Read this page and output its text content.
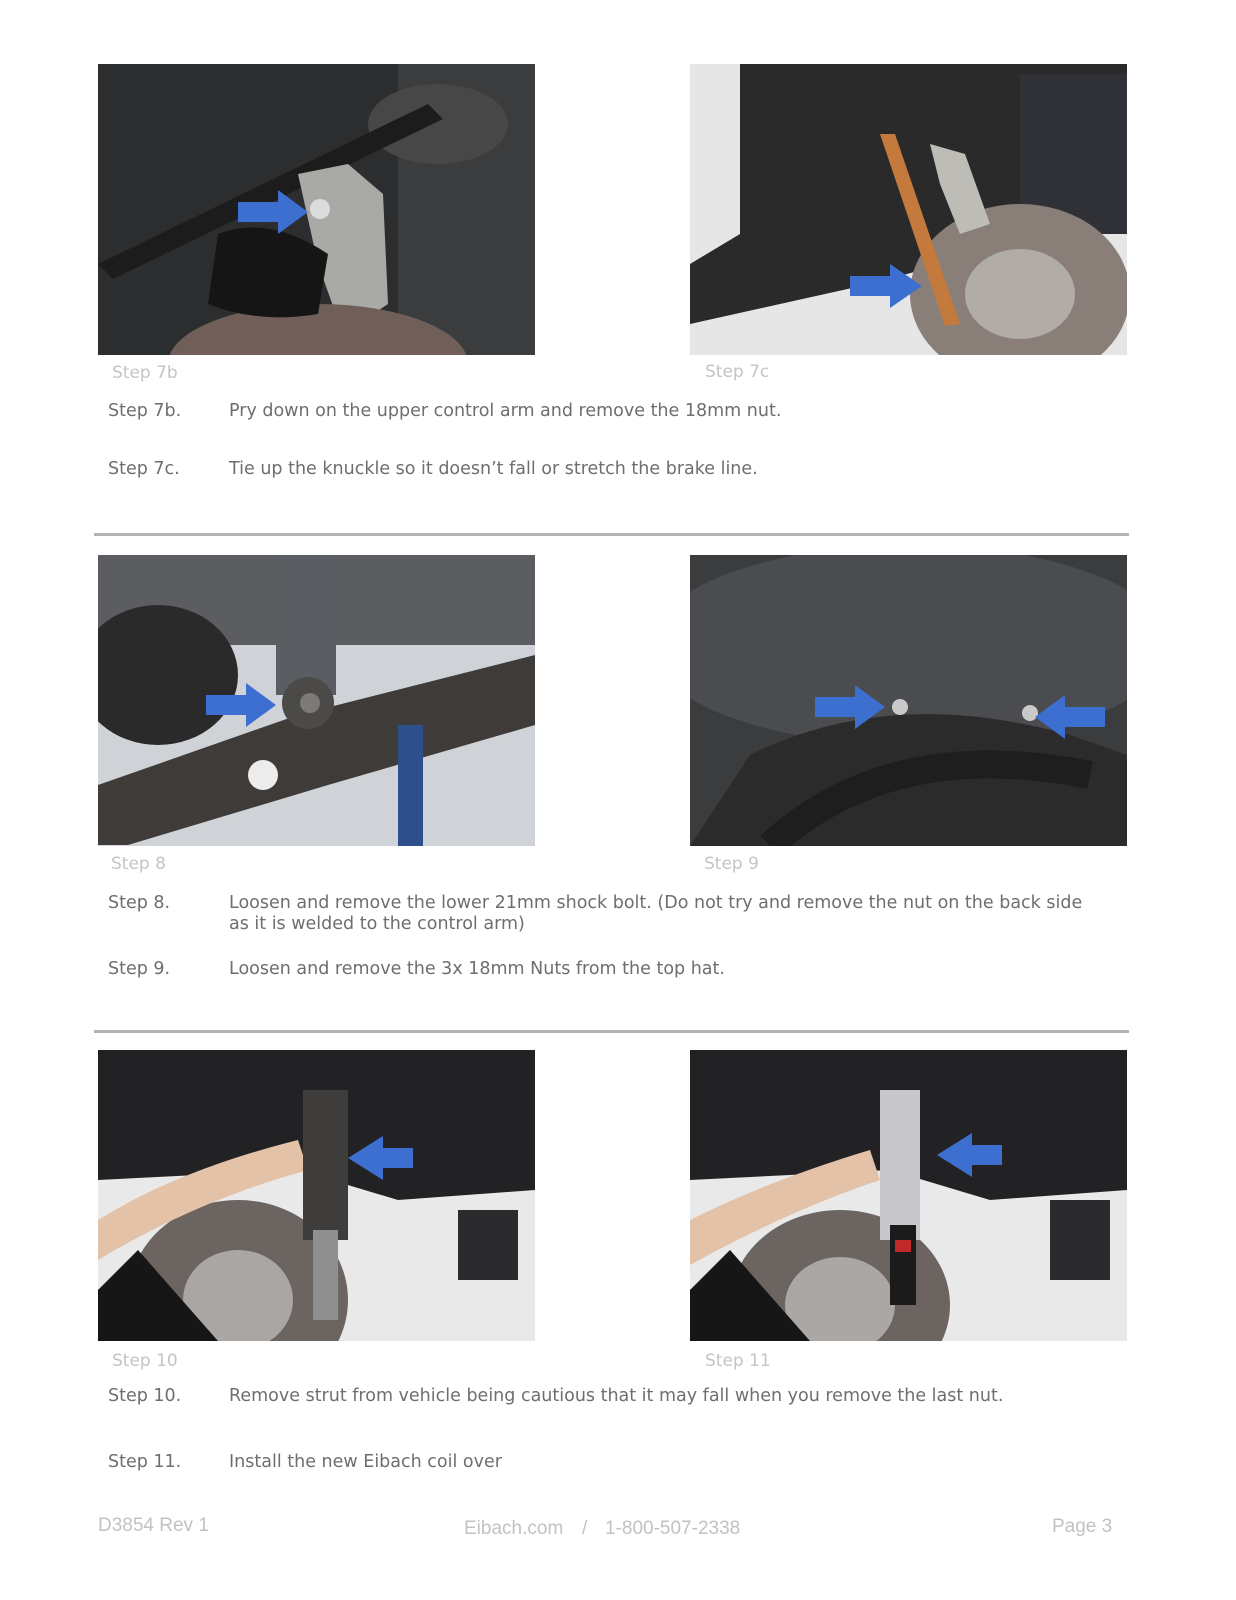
Step 7b	Step 7c
Step 7b.	Pry down on the upper control arm and remove the 18mm nut.
Step 7c.	Tie up the knuckle so it doesn’t fall or stretch the brake line.
Step 8	Step 9
Step 8.	Loosen and remove the lower 21mm shock bolt. (Do not try and remove the nut on the back side as it is welded to the control arm)
Step 9.	Loosen and remove the 3x 18mm Nuts from the top hat.
Step 10	Step 11
Step 10.	Remove strut from vehicle being cautious that it may fall when you remove the last nut.
Step 11.	Install the new Eibach coil over
D3854 Rev 1	Eibach.com / 1-800-507-2338	Page 3
